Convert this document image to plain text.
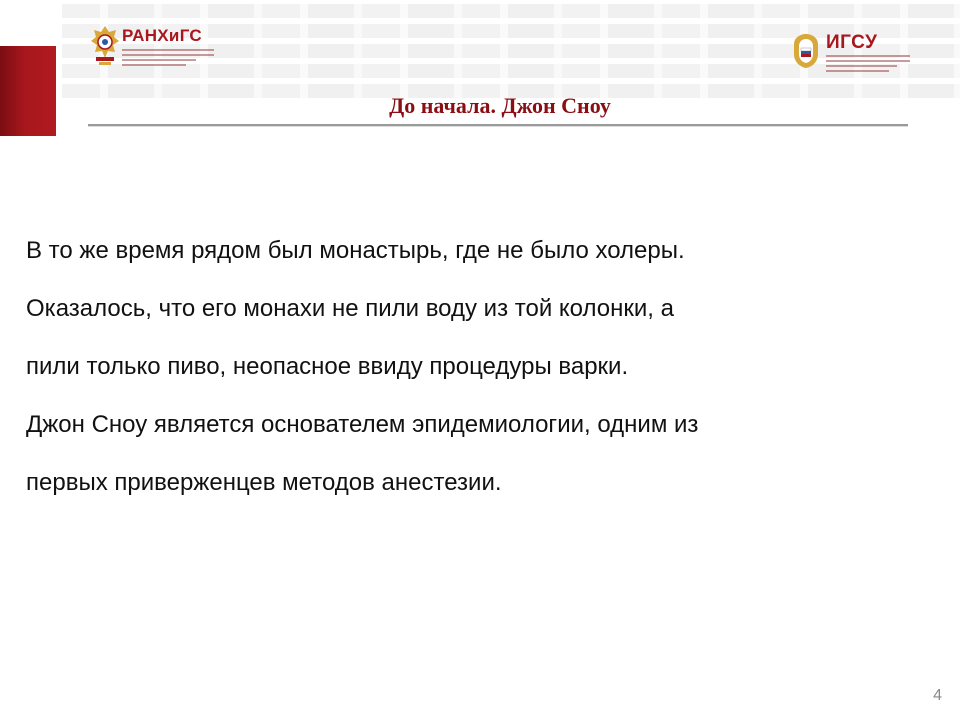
РАНХиГС	ИГСУ
До начала. Джон Сноу

В то же время рядом был монастырь, где не было холеры.

Оказалось, что его монахи не пили воду из той колонки, а

пили только пиво, неопасное ввиду процедуры варки.

Джон Сноу является основателем эпидемиологии, одним из

первых приверженцев методов анестезии.

4
